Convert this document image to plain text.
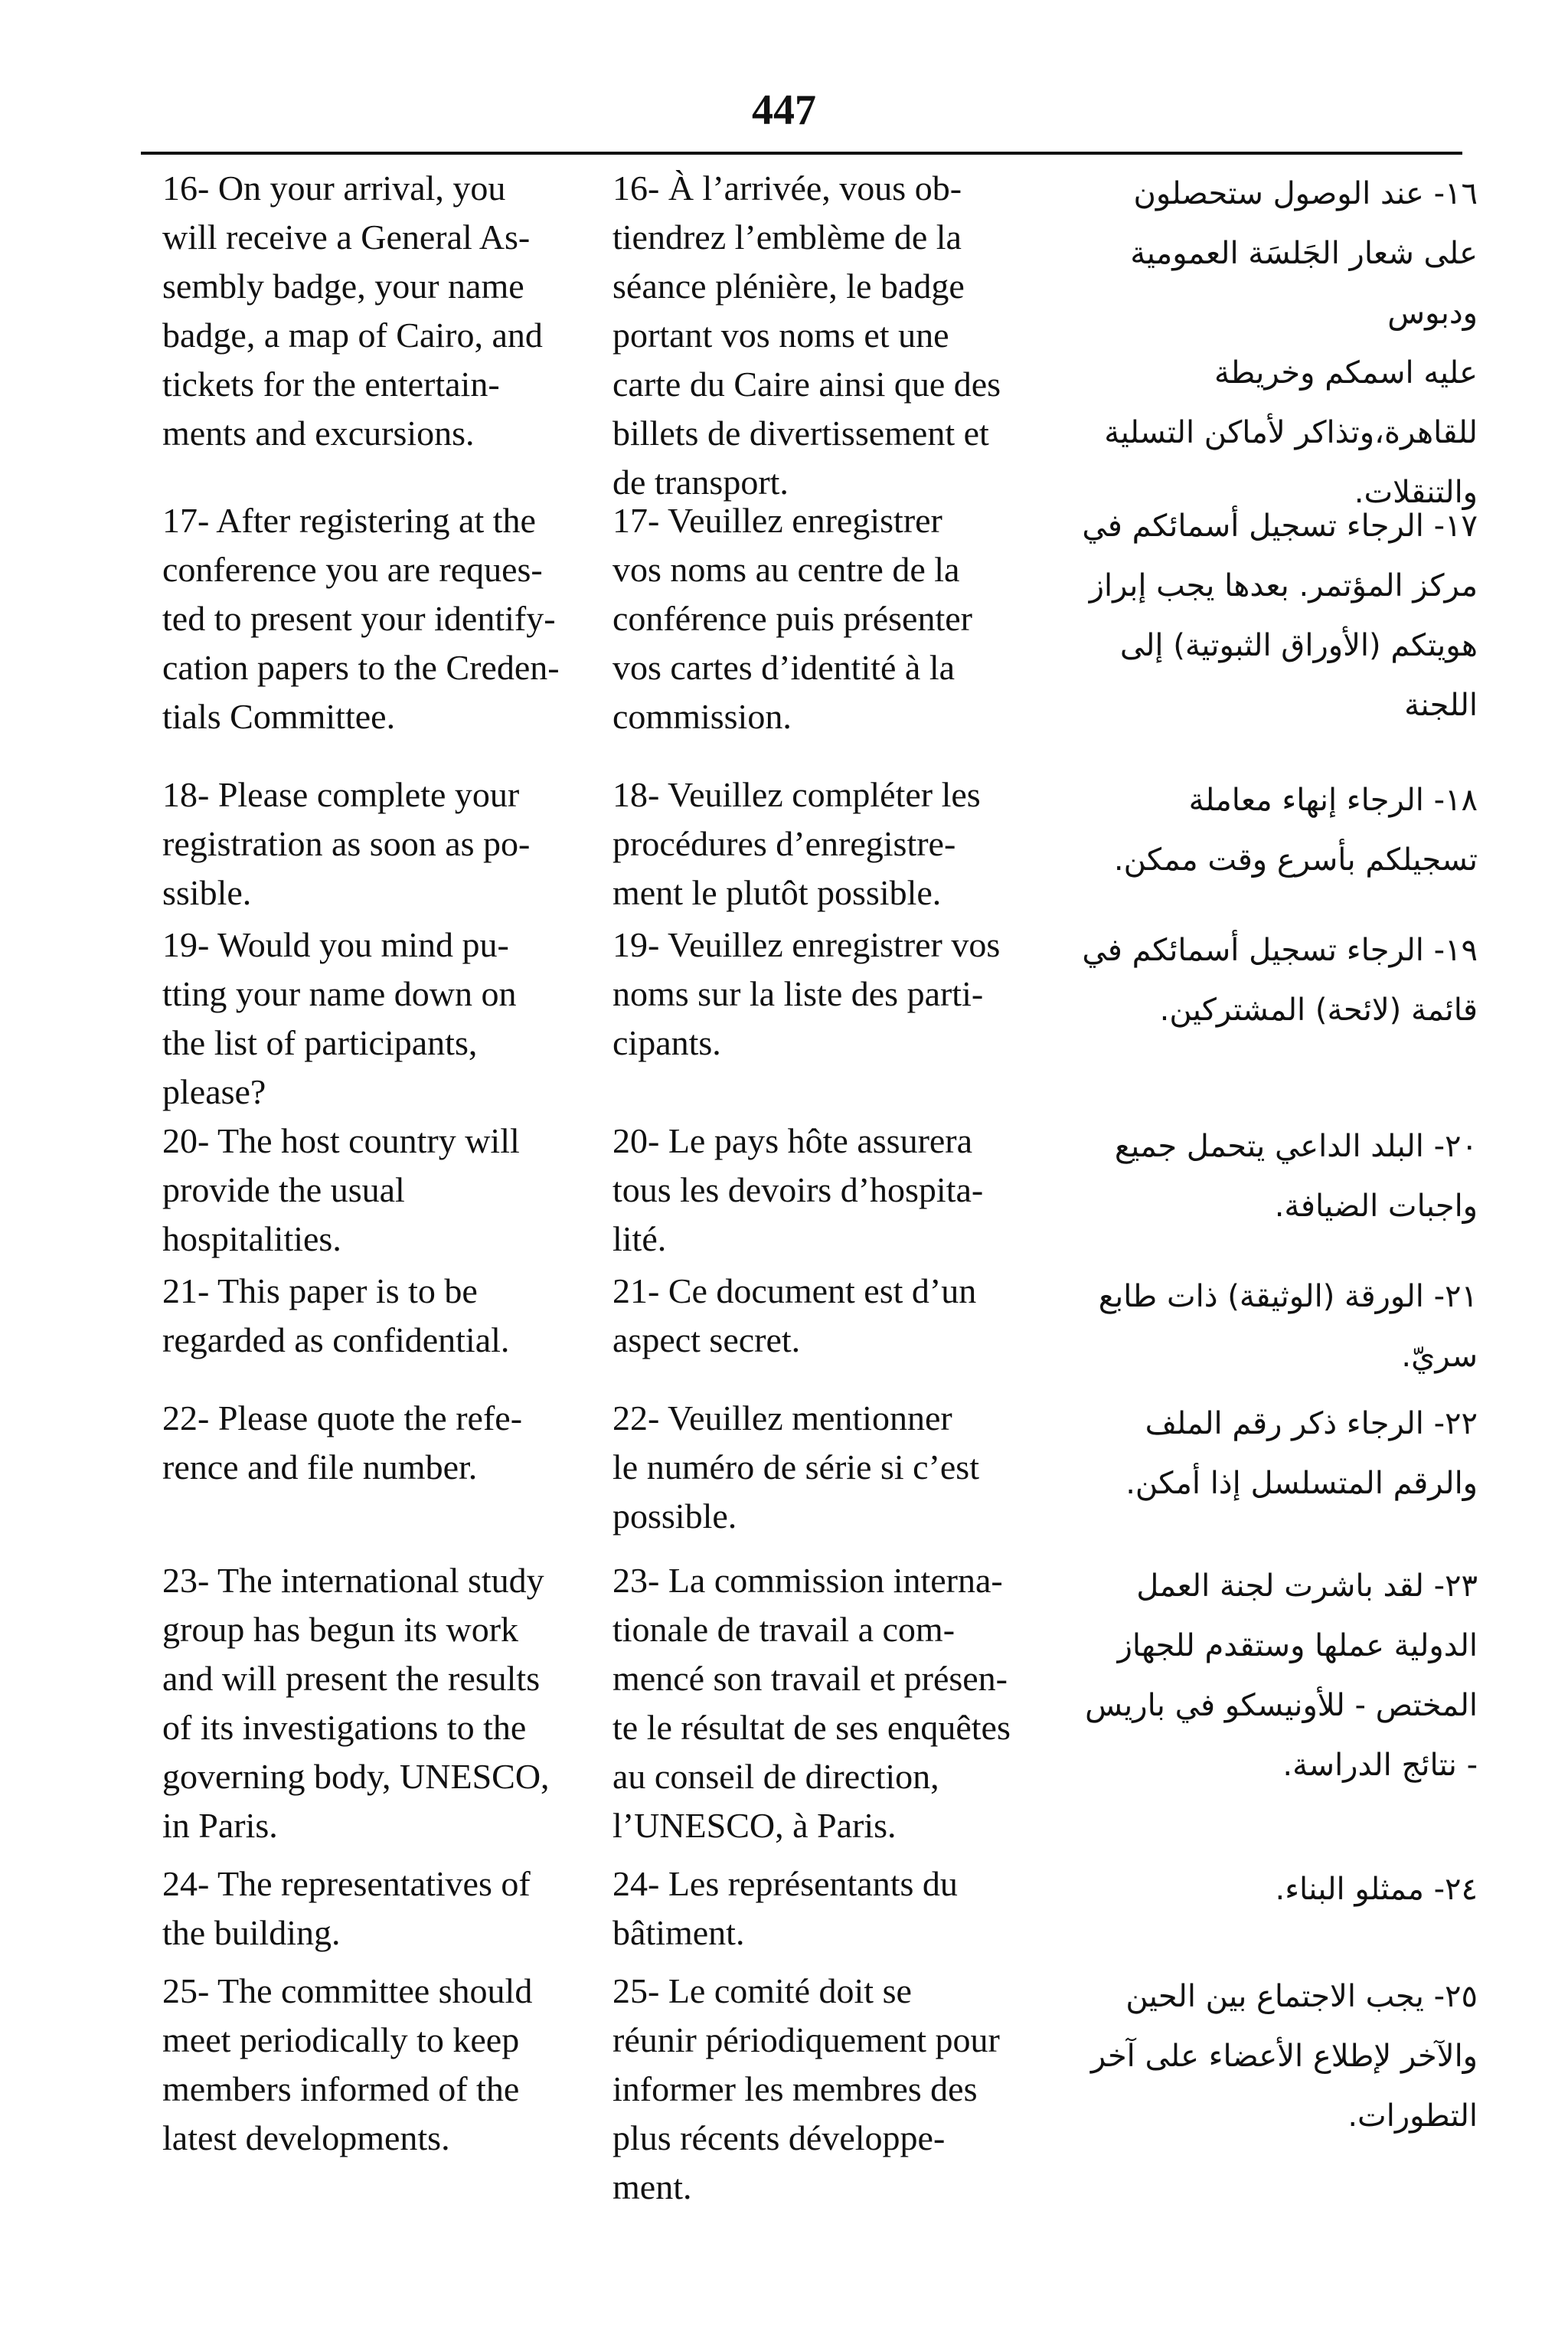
447
16- On your arrival, you
will receive a General As-
sembly badge, your name
badge, a map of Cairo, and
tickets for the entertain-
ments and excursions.
16- À l’arrivée, vous ob-
tiendrez l’emblème de la
séance plénière, le badge
portant vos noms et une
carte du Caire ainsi que des
billets de divertissement et
de transport.
١٦- عند الوصول ستحصلون
على شعار الجَلسَة العمومية ودبوس
عليه اسمكم وخريطة
للقاهرة،وتذاكر لأماكن التسلية
والتنقلات.
17- After registering at the
conference you are reques-
ted to present your identify-
cation papers to the Creden-
tials Committee.
17- Veuillez enregistrer
vos noms au centre de la
conférence puis présenter
vos cartes d’identité à la
commission.
١٧- الرجاء تسجيل أسمائكم في
مركز المؤتمر. بعدها يجب إبراز
هويتكم (الأوراق الثبوتية) إلى
اللجنة
18- Please complete your
registration as soon as po-
ssible.
18- Veuillez compléter les
procédures d’enregistre-
ment le plutôt possible.
١٨- الرجاء إنهاء معاملة
تسجيلكم بأسرع وقت ممكن.
19- Would you mind pu-
tting your name down on
the list of participants,
please?
19- Veuillez enregistrer vos
noms sur la liste des parti-
cipants.
١٩- الرجاء تسجيل أسمائكم في
قائمة (لائحة) المشتركين.
20- The host country will
provide the usual
hospitalities.
20- Le pays hôte assurera
tous les devoirs d’hospita-
lité.
٢٠- البلد الداعي يتحمل جميع
واجبات الضيافة.
21- This paper is to be
regarded as confidential.
21- Ce document est d’un
aspect secret.
٢١- الورقة (الوثيقة) ذات طابع
سريّ.
22- Please quote the refe-
rence and file number.
22- Veuillez mentionner
le numéro de série si c’est
possible.
٢٢- الرجاء ذكر رقم الملف
والرقم المتسلسل إذا أمكن.
23- The international study
group has begun its work
and will present the results
of its investigations to the
governing body, UNESCO,
in Paris.
23- La commission interna-
tionale de travail a com-
mencé son travail et présen-
te le résultat de ses enquêtes
au conseil de direction,
l’UNESCO, à Paris.
٢٣- لقد باشرت لجنة العمل
الدولية عملها وستقدم للجهاز
المختص - للأونيسكو في باريس
- نتائج الدراسة.
24- The representatives of
the building.
24- Les représentants du
bâtiment.
٢٤- ممثلو البناء.
25- The committee should
meet periodically to keep
members informed of the
latest developments.
25- Le comité doit se
réunir périodiquement pour
informer les membres des
plus récents développe-
ment.
٢٥- يجب الاجتماع بين الحين
والآخر لإطلاع الأعضاء على آخر
التطورات.
